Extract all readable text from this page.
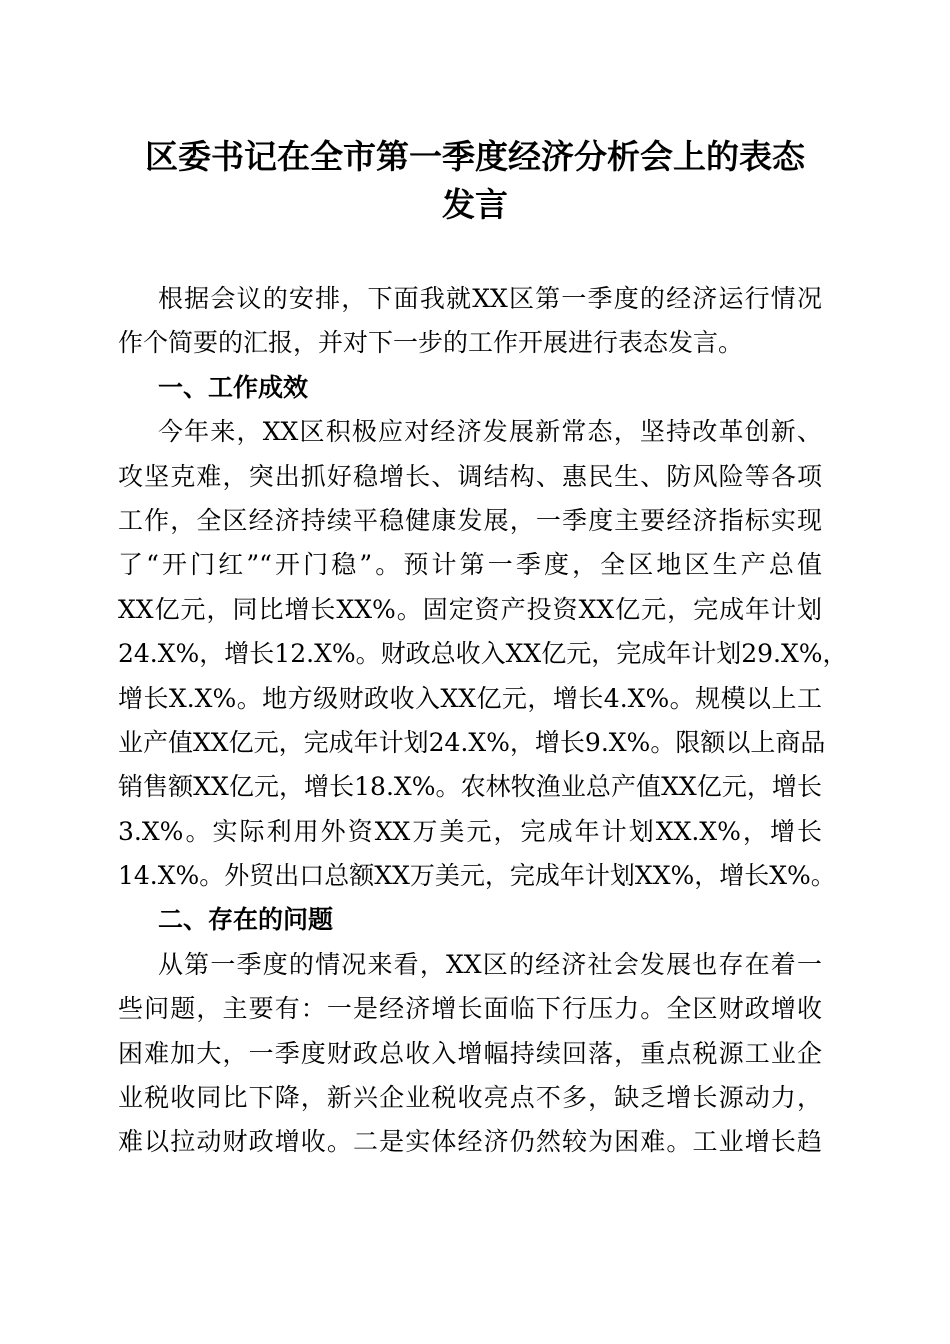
区委书记在全市第一季度经济分析会上的表态
发言
根据会议的安排，下面我就XX区第一季度的经济运行情况
作个简要的汇报，并对下一步的工作开展进行表态发言。
一、工作成效
今年来，XX区积极应对经济发展新常态，坚持改革创新、
攻坚克难，突出抓好稳增长、调结构、惠民生、防风险等各项
工作，全区经济持续平稳健康发展，一季度主要经济指标实现
了“开门红”“开门稳”。预计第一季度，全区地区生产总值
XX亿元，同比增长XX%。固定资产投资XX亿元，完成年计划
24.X%，增长12.X%。财政总收入XX亿元，完成年计划29.X%，
增长X.X%。地方级财政收入XX亿元，增长4.X%。规模以上工
业产值XX亿元，完成年计划24.X%，增长9.X%。限额以上商品
销售额XX亿元，增长18.X%。农林牧渔业总产值XX亿元，增长
3.X%。实际利用外资XX万美元，完成年计划XX.X%，增长
14.X%。外贸出口总额XX万美元，完成年计划XX%，增长X%。
二、存在的问题
从第一季度的情况来看，XX区的经济社会发展也存在着一
些问题，主要有：一是经济增长面临下行压力。全区财政增收
困难加大，一季度财政总收入增幅持续回落，重点税源工业企
业税收同比下降，新兴企业税收亮点不多，缺乏增长源动力，
难以拉动财政增收。二是实体经济仍然较为困难。工业增长趋
